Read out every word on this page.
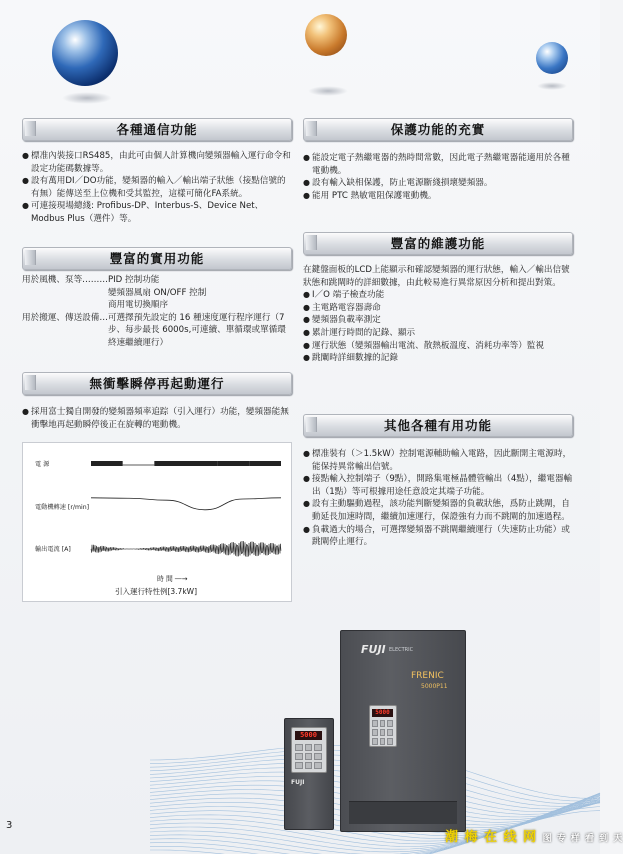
各種通信功能
● 標准內裝接口RS485，由此可由個人計算機向變頻器輸入運行命令和設定功能碼數據等。
● 設有萬用DI／DO功能，變頻器的輸入／輸出端子狀態（接點信號的有無）能傳送至上位機和受其監控，這樣可簡化FA系統。
● 可連接現場總綫: Profibus-DP、Interbus-S、Device Net、Modbus Plus（選件）等。
豐富的實用功能
用於風機、泵等……… PID 控制功能
變頻器風扇 ON/OFF 控制
商用電切換順序
用於搬運、傳送設備… 可選擇預先設定的 16 種速度運行程序運行（7 步、每步最長 6000s,可連續、單循環或單循環終速繼續運行）
無衝擊瞬停再起動運行
● 採用富士獨自開發的變頻器頻率追踪（引入運行）功能，變頻器能無衝擊地再起動瞬停後正在旋轉的電動機。
電 源
電動機轉速 [r/min]
輸出電流 [A]
時 間 ―→
引入運行特性例[3.7kW]
保護功能的充實
● 能設定電子熱繼電器的熱時間常數，因此電子熱繼電器能適用於各種電動機。
● 設有輸入缺相保護，防止電源斷綫損壞變頻器。
● 能用 PTC 熱敏電阻保護電動機。
豐富的維護功能
在鍵盤面板的LCD上能顯示和確認變頻器的運行狀態，輸入／輸出信號狀態和跳閘時的詳細數據，由此較易進行異常原因分析和提出對策。
● I／O 端子檢查功能
● 主電路電容器壽命
● 變頻器負載率測定
● 累計運行時間的記錄、顯示
● 運行狀態（變頻器輸出電流、散熱板溫度、消耗功率等）監視
● 跳闡時詳細數據的記錄
其他各種有用功能
● 標准裝有（＞1.5kW）控制電源輔助輸入電路，因此斷開主電源時，能保持異常輸出信號。
● 接點輸入控制端子（9點），開路集電極晶體管輸出（4點），繼電器輸出（1點）等可根據用途任意設定其端子功能。
● 設有主動驅動過程，該功能判斷變頻器的負載狀態，爲防止跳閘，自動延長加速時間，繼續加速運行，保證強有力而不跳閘的加速過程。
● 負載過大的場合，可選擇變頻器不跳閘繼續運行（失速防止功能）或跳閘停止運行。
5000
FUJI
FUJI ELECTRIC
FRENIC
5000P11
5000
3
潮 梅 在 线 网 图 专 样 看 到 天
